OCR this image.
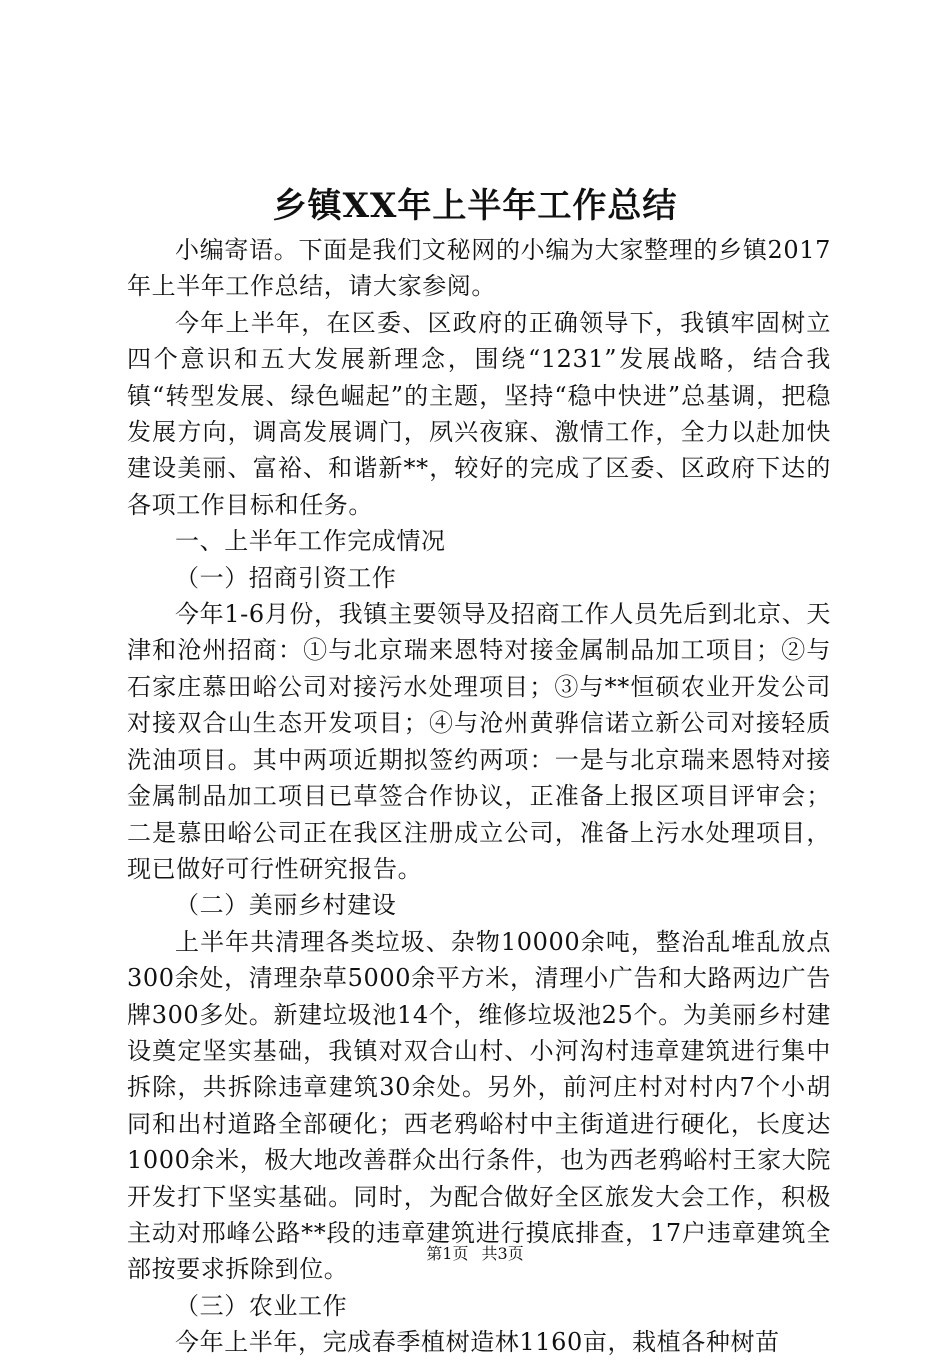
乡镇XX年上半年工作总结

小编寄语。下面是我们文秘网的小编为大家整理的乡镇2017年上半年工作总结，请大家参阅。

今年上半年，在区委、区政府的正确领导下，我镇牢固树立四个意识和五大发展新理念，围绕“1231”发展战略，结合我镇“转型发展、绿色崛起”的主题，坚持“稳中快进”总基调，把稳发展方向，调高发展调门，夙兴夜寐、激情工作，全力以赴加快建设美丽、富裕、和谐新**，较好的完成了区委、区政府下达的各项工作目标和任务。

一、上半年工作完成情况

（一）招商引资工作

今年1-6月份，我镇主要领导及招商工作人员先后到北京、天津和沧州招商：①与北京瑞来恩特对接金属制品加工项目；②与石家庄慕田峪公司对接污水处理项目；③与**恒硕农业开发公司对接双合山生态开发项目；④与沧州黄骅信诺立新公司对接轻质洗油项目。其中两项近期拟签约两项：一是与北京瑞来恩特对接金属制品加工项目已草签合作协议，正准备上报区项目评审会；二是慕田峪公司正在我区注册成立公司，准备上污水处理项目，现已做好可行性研究报告。

（二）美丽乡村建设

上半年共清理各类垃圾、杂物10000余吨，整治乱堆乱放点300余处，清理杂草5000余平方米，清理小广告和大路两边广告牌300多处。新建垃圾池14个，维修垃圾池25个。为美丽乡村建设奠定坚实基础，我镇对双合山村、小河沟村违章建筑进行集中拆除，共拆除违章建筑30余处。另外，前河庄村对村内7个小胡同和出村道路全部硬化；西老鸦峪村中主街道进行硬化，长度达1000余米，极大地改善群众出行条件，也为西老鸦峪村王家大院开发打下坚实基础。同时，为配合做好全区旅发大会工作，积极主动对邢峰公路**段的违章建筑进行摸底排查，17户违章建筑全部按要求拆除到位。

（三）农业工作

今年上半年，完成春季植树造林1160亩，栽植各种树苗

第1页 共3页
